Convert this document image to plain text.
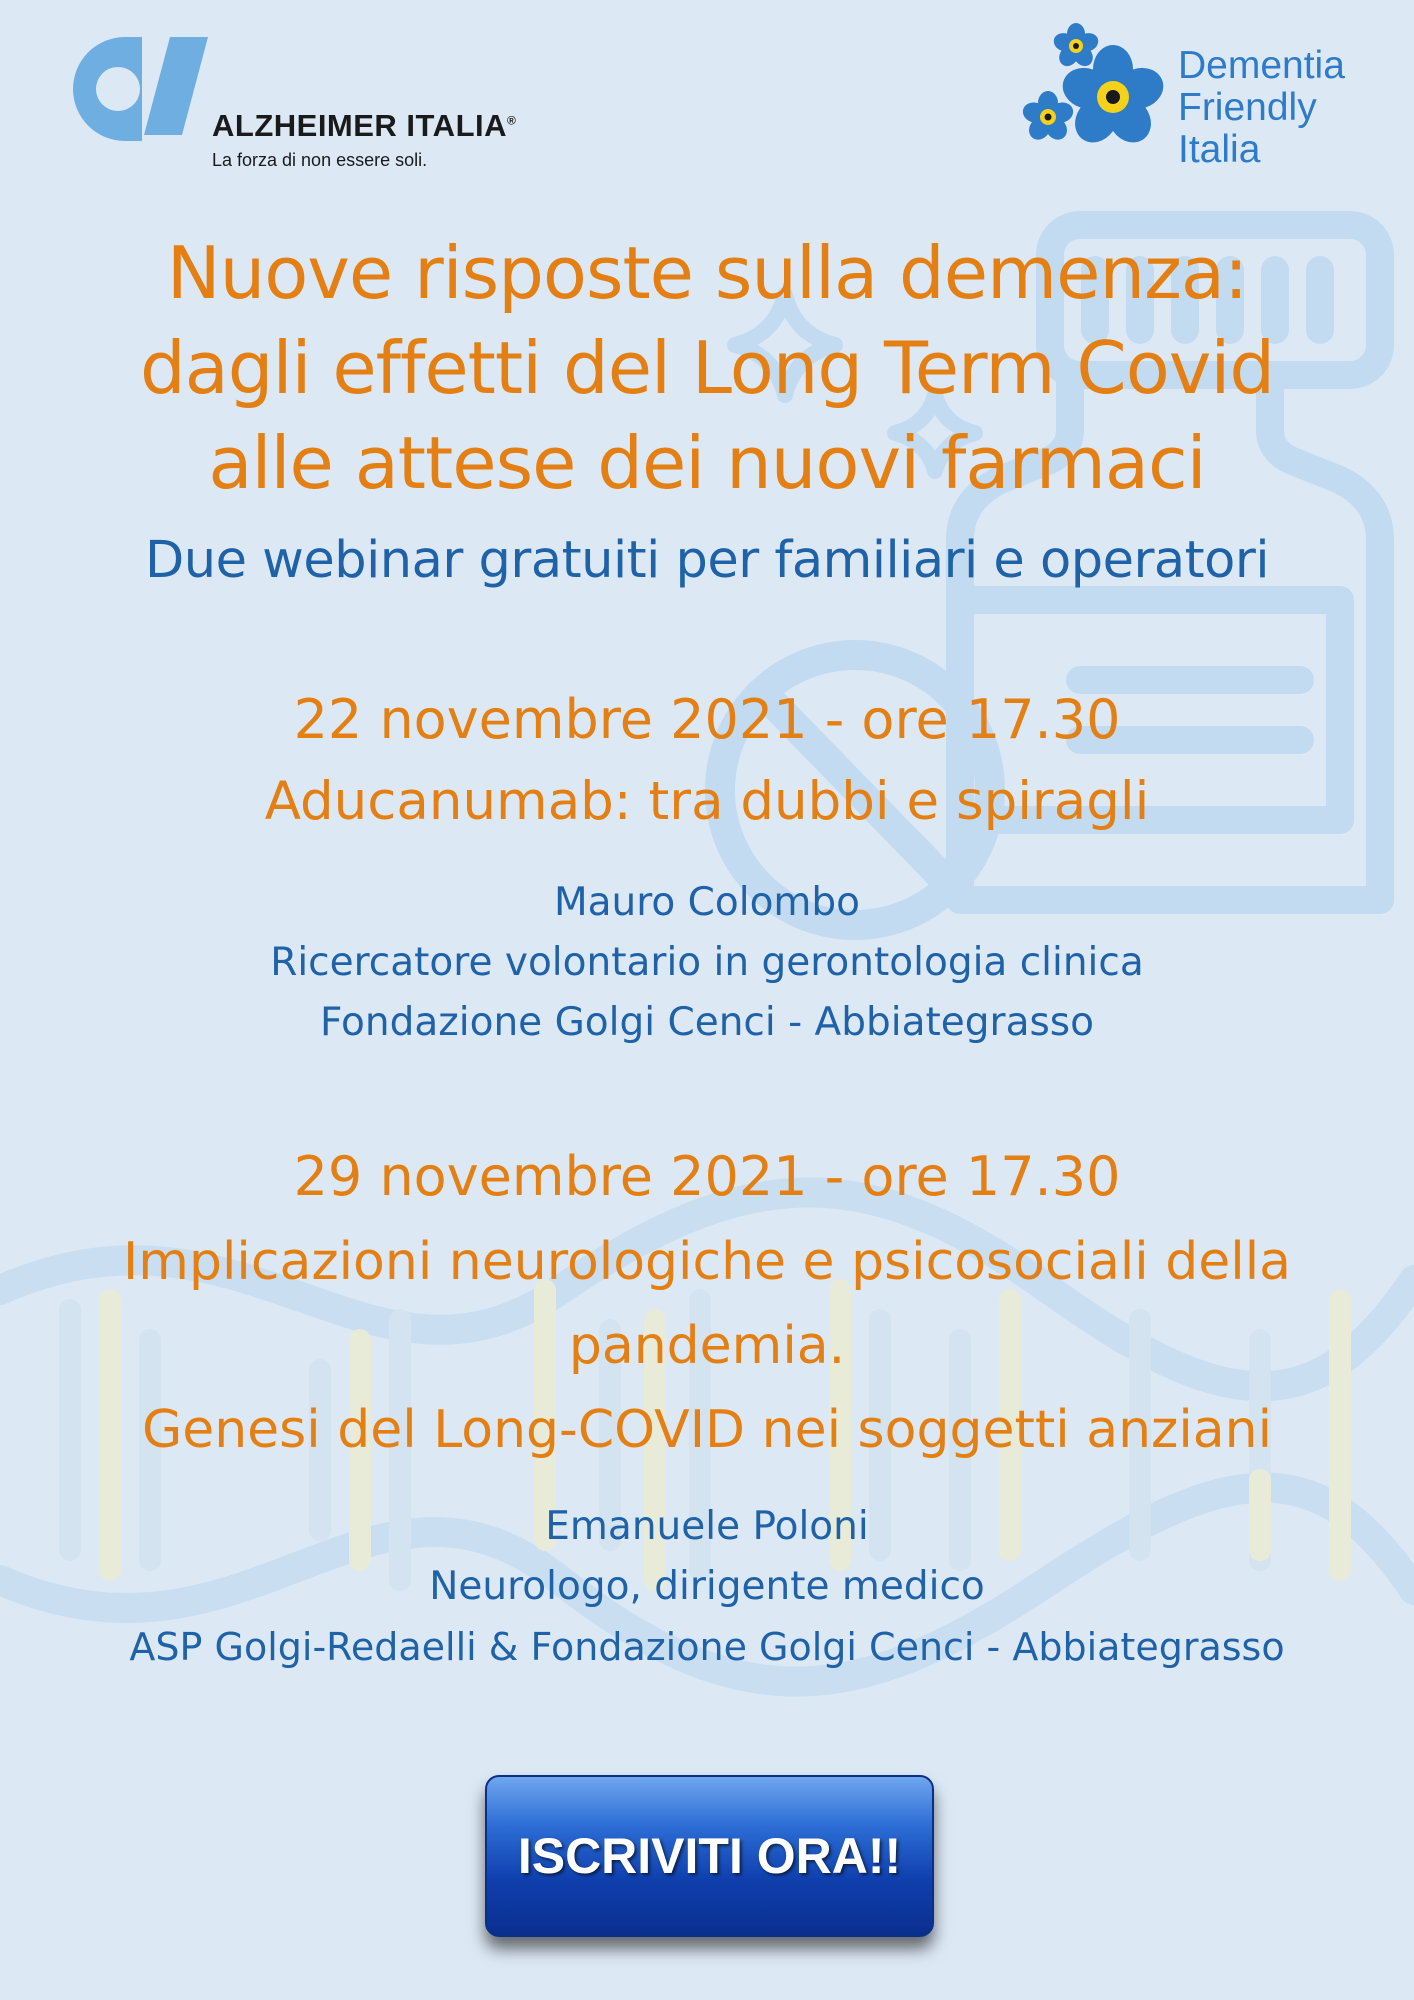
ALZHEIMER ITALIA®
La forza di non essere soli.
Dementia
Friendly
Italia
Nuove risposte sulla demenza:
dagli effetti del Long Term Covid
alle attese dei nuovi farmaci
Due webinar gratuiti per familiari e operatori
22 novembre 2021 - ore 17.30
Aducanumab: tra dubbi e spiragli
Mauro Colombo
Ricercatore volontario in gerontologia clinica
Fondazione Golgi Cenci - Abbiategrasso
29 novembre 2021 - ore 17.30
Implicazioni neurologiche e psicosociali della
pandemia.
Genesi del Long-COVID nei soggetti anziani
Emanuele Poloni
Neurologo, dirigente medico
ASP Golgi-Redaelli & Fondazione Golgi Cenci - Abbiategrasso
ISCRIVITI ORA!!
